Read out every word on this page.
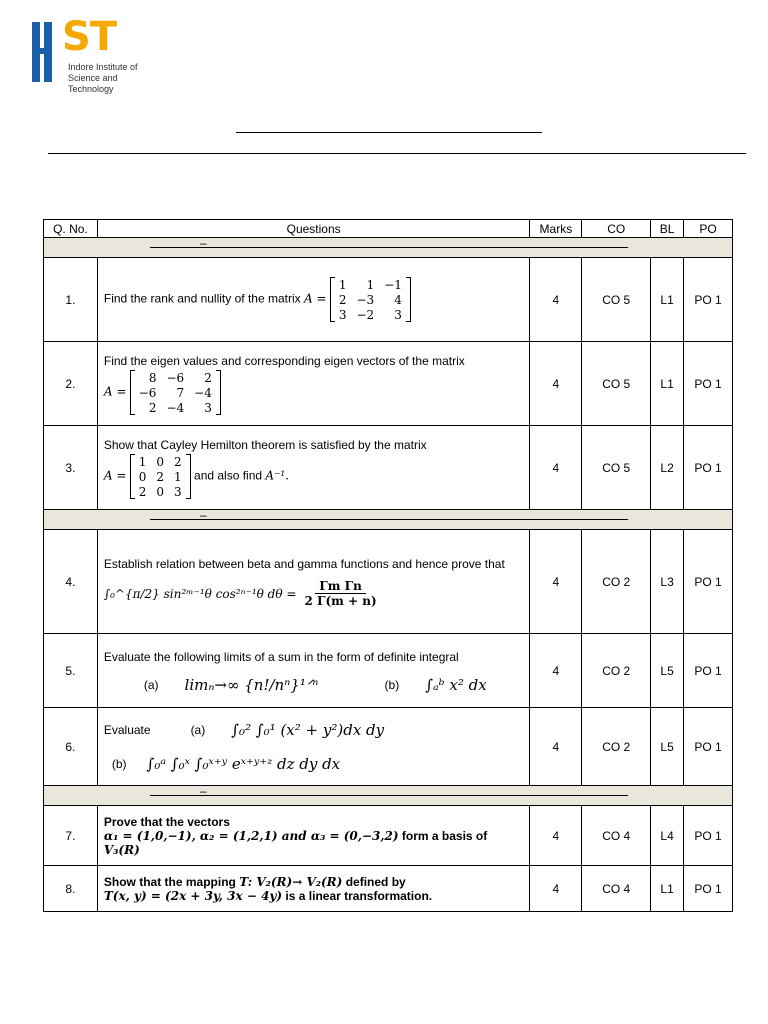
ST
Indore Institute of
Science and Technology
Q. No.	Questions	Marks	CO	BL	PO

–

1.	Find the rank and nullity of the matrix A =
1	1	−1
2	−3	4
3	−2	3
	4	CO 5	L1	PO 1
2.	
Find the eigen values and corresponding eigen vectors of the matrix
A =
8	−6	2
−6	7	−4
2	−4	3
	4	CO 5	L1	PO 1
3.	
Show that Cayley Hemilton theorem is satisfied by the matrix
A =
1	0	2
0	2	1
2	0	3
and also find A⁻¹.	4	CO 5	L2	PO 1

–

4.	
Establish relation between beta and gamma functions and hence prove that
∫₀^{π/2} sin²ᵐ⁻¹θ cos²ⁿ⁻¹θ $d\theta = \frac{\text{Γm Γn}}{2 \Gamma(m + n)}$	4	CO 2	L3	PO 1
5.	
Evaluate the following limits of a sum in the form of definite integral
(a) limₙ→∞ {n!/nⁿ}¹ᐟⁿ	(b) ∫ₐᵇ x² dx
	4	CO 2	L5	PO 1
6.	
Evaluate	(a) ∫₀² ∫₀¹ (x² + y²)dx dy
(b) ∫₀ᵃ ∫₀ˣ ∫₀ˣ⁺ʸ eˣ⁺ʸ⁺ᶻ dz dy dx
	4	CO 2	L5	PO 1

–

7.	
Prove that the vectors
α₁ = (1,0,−1), α₂ = (1,2,1) and α₃ = (0,−3,2) form a basis of
V₃(R)
	4	CO 4	L4	PO 1
8.	Show that the mapping T: V₂(R)→ V₂(R) defined by
T(x, y) = (2x + 3y, 3x − 4y) is a linear transformation.	4	CO 4	L1	PO 1
